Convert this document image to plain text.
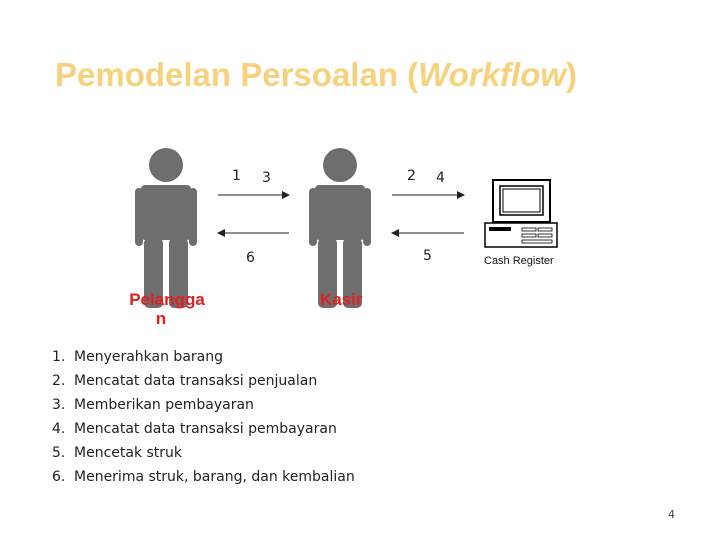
Pemodelan Persoalan (Workflow)
1 3
6
2 4
5
Pelangga
n
Kasir
Cash Register
1. Menyerahkan barang
2. Mencatat data transaksi penjualan
3. Memberikan pembayaran
4. Mencatat data transaksi pembayaran
5. Mencetak struk
6. Menerima struk, barang, dan kembalian
4
